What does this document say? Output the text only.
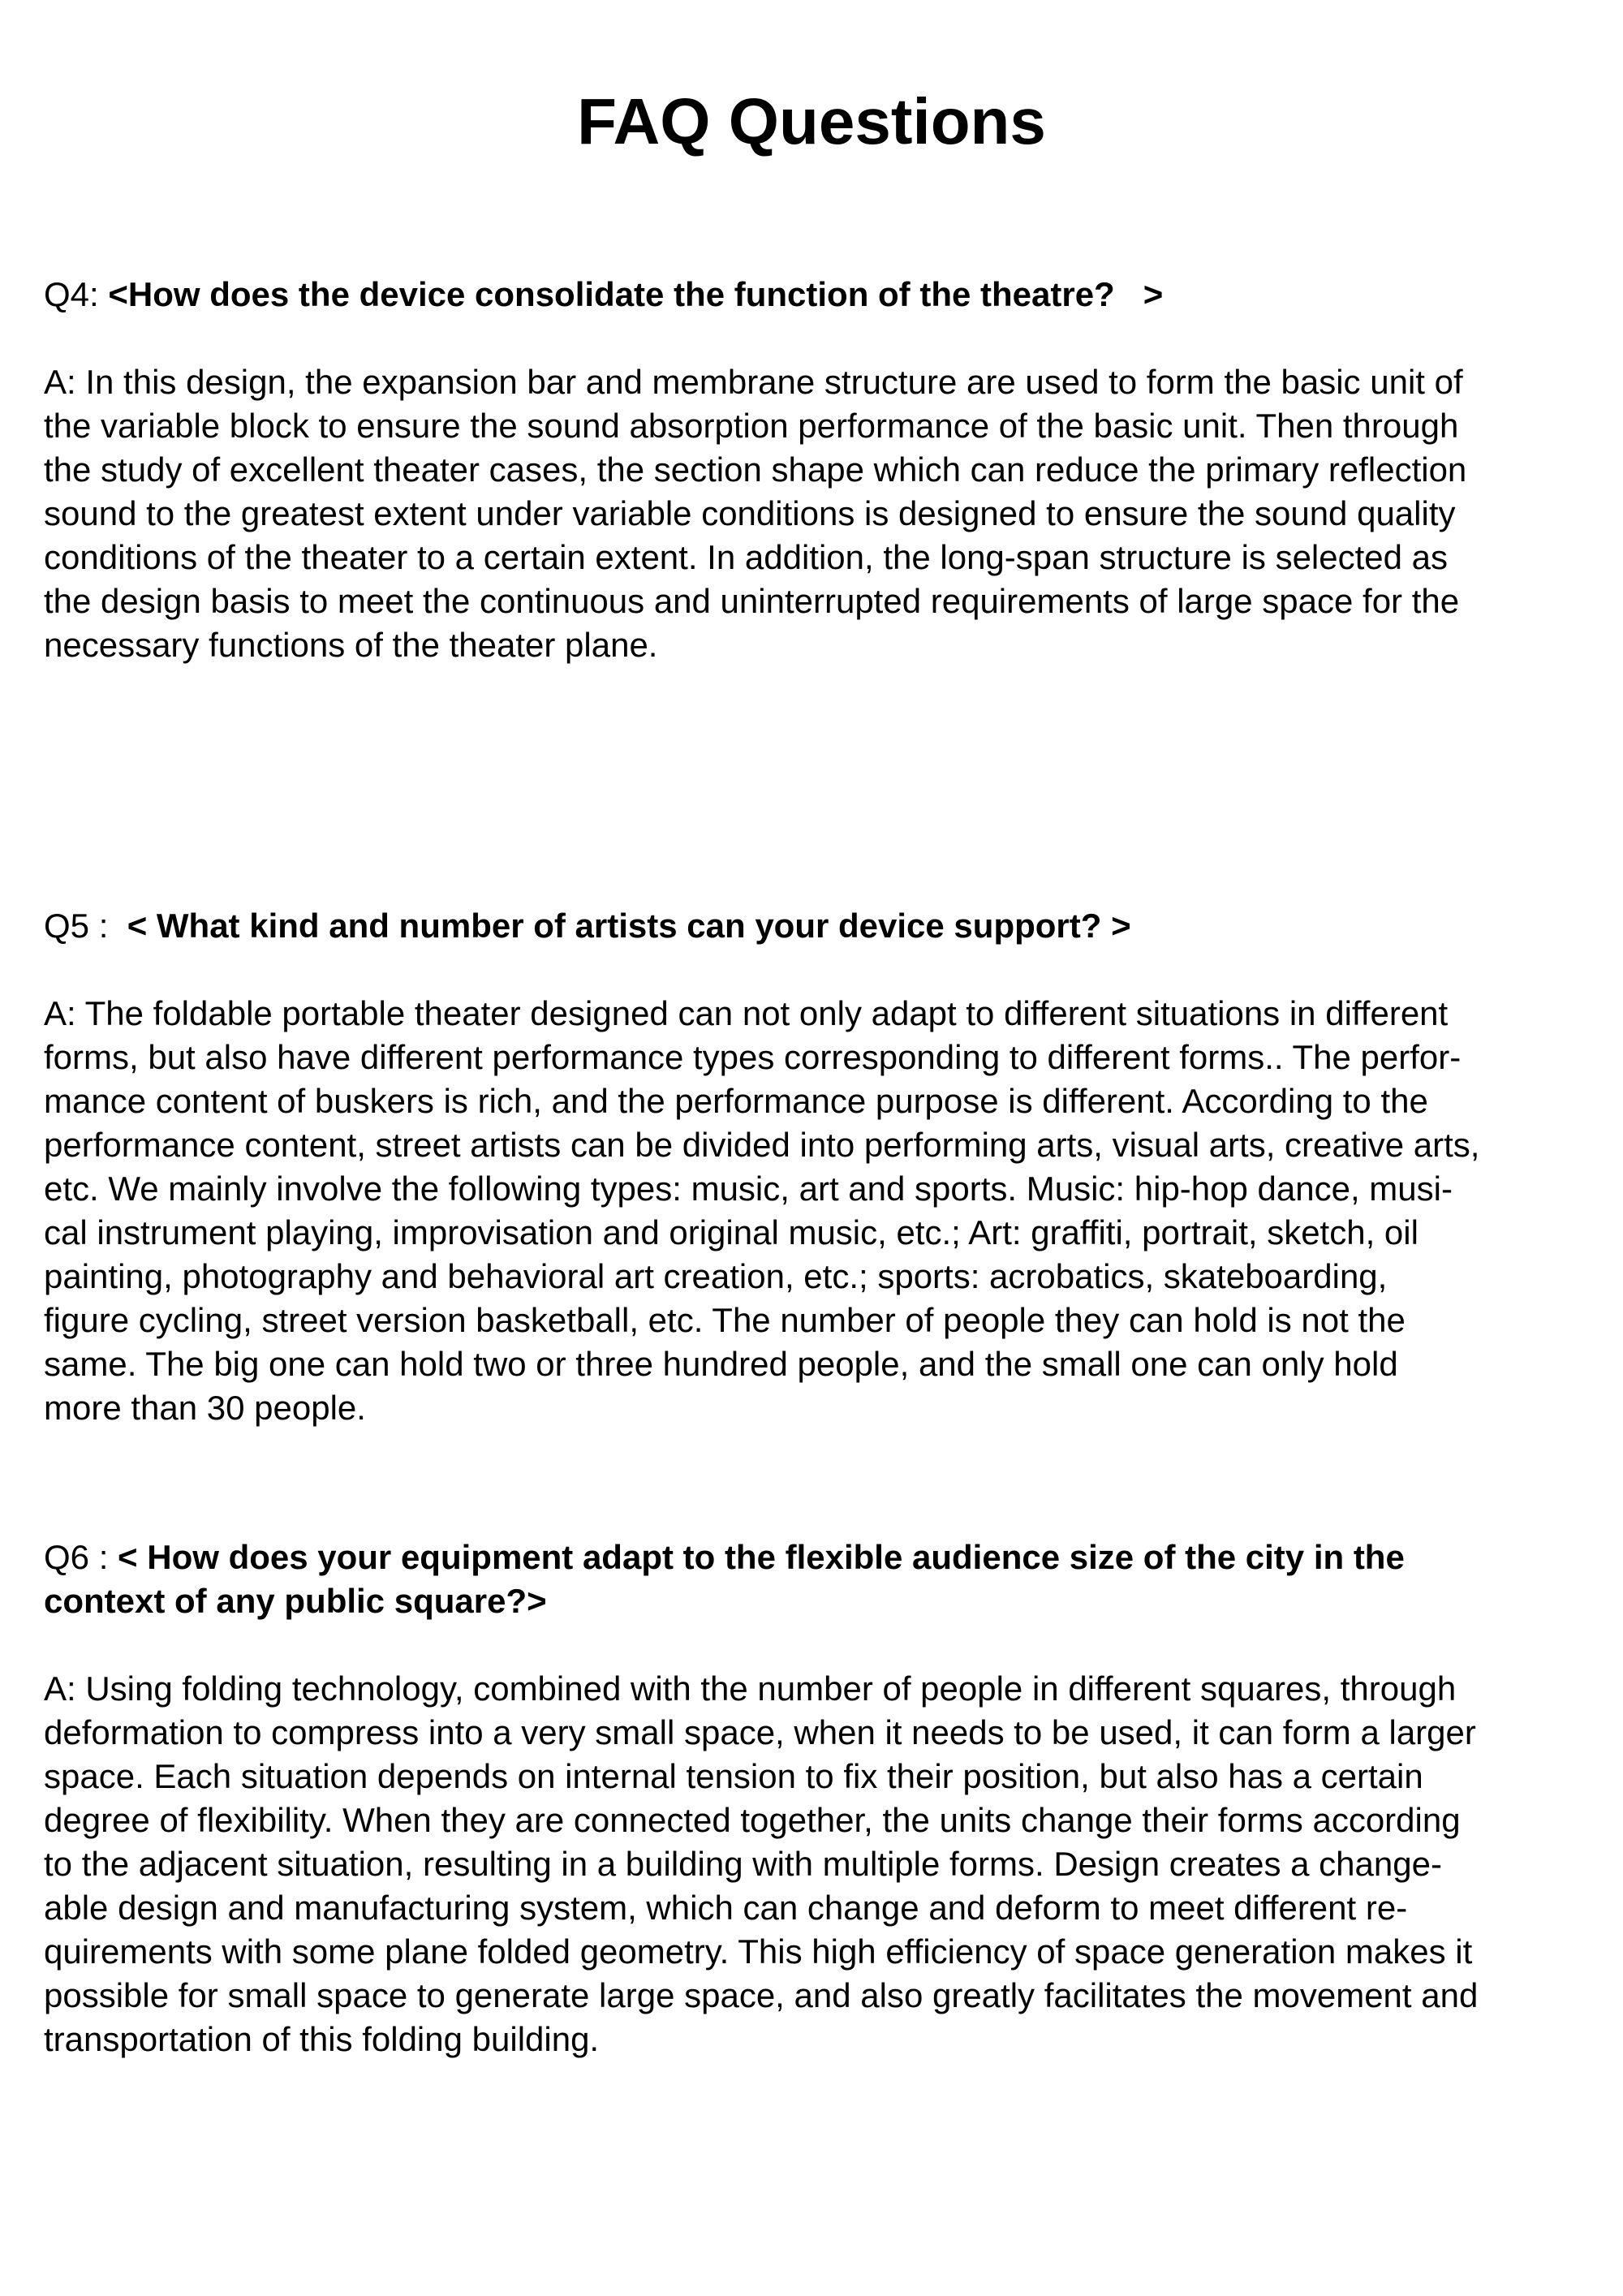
FAQ Questions

Q4: <How does the device consolidate the function of the theatre?   >

A: In this design, the expansion bar and membrane structure are used to form the basic unit of
the variable block to ensure the sound absorption performance of the basic unit. Then through
the study of excellent theater cases, the section shape which can reduce the primary reflection
sound to the greatest extent under variable conditions is designed to ensure the sound quality
conditions of the theater to a certain extent. In addition, the long-span structure is selected as
the design basis to meet the continuous and uninterrupted requirements of large space for the
necessary functions of the theater plane.

Q5 :  < What kind and number of artists can your device support? >

A: The foldable portable theater designed can not only adapt to different situations in different
forms, but also have different performance types corresponding to different forms.. The perfor-
mance content of buskers is rich, and the performance purpose is different. According to the
performance content, street artists can be divided into performing arts, visual arts, creative arts,
etc. We mainly involve the following types: music, art and sports. Music: hip-hop dance, musi-
cal instrument playing, improvisation and original music, etc.; Art: graffiti, portrait, sketch, oil
painting, photography and behavioral art creation, etc.; sports: acrobatics, skateboarding,
figure cycling, street version basketball, etc. The number of people they can hold is not the
same. The big one can hold two or three hundred people, and the small one can only hold
more than 30 people.

Q6 : < How does your equipment adapt to the flexible audience size of the city in the
context of any public square?>

A: Using folding technology, combined with the number of people in different squares, through
deformation to compress into a very small space, when it needs to be used, it can form a larger
space. Each situation depends on internal tension to fix their position, but also has a certain
degree of flexibility. When they are connected together, the units change their forms according
to the adjacent situation, resulting in a building with multiple forms. Design creates a change-
able design and manufacturing system, which can change and deform to meet different re-
quirements with some plane folded geometry. This high efficiency of space generation makes it
possible for small space to generate large space, and also greatly facilitates the movement and
transportation of this folding building.
